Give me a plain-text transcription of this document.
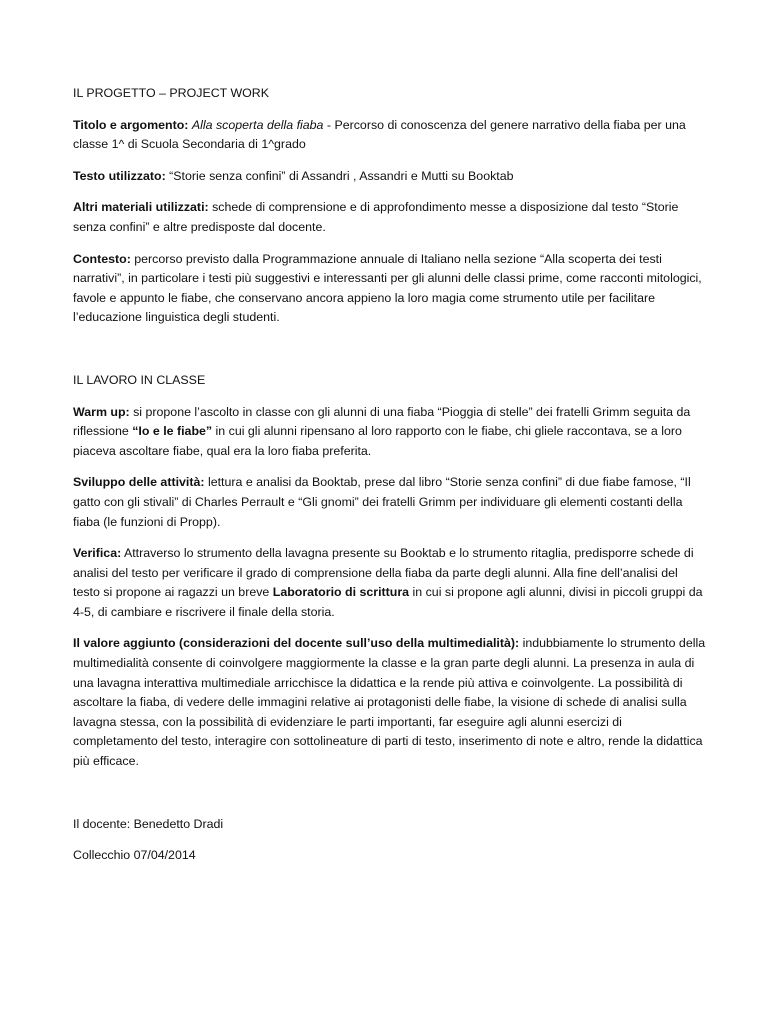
IL PROGETTO – PROJECT WORK

Titolo e argomento: Alla scoperta della fiaba - Percorso di conoscenza del genere narrativo della fiaba per una classe 1^ di Scuola Secondaria di 1^grado

Testo utilizzato: “Storie senza confini” di Assandri , Assandri e Mutti su Booktab

Altri materiali utilizzati: schede di comprensione e di approfondimento messe a disposizione dal testo “Storie senza confini” e altre predisposte dal docente.

Contesto: percorso previsto dalla Programmazione annuale di Italiano nella sezione “Alla scoperta dei testi narrativi”, in particolare i testi più suggestivi e interessanti per gli alunni delle classi prime, come racconti mitologici, favole e appunto le fiabe, che conservano ancora appieno la loro magia come strumento utile per facilitare l’educazione linguistica degli studenti.

IL LAVORO IN CLASSE

Warm up: si propone l’ascolto in classe con gli alunni di una fiaba “Pioggia di stelle” dei fratelli Grimm seguita da riflessione “Io e le fiabe” in cui gli alunni ripensano al loro rapporto con le fiabe, chi gliele raccontava, se a loro piaceva ascoltare fiabe, qual era la loro fiaba preferita.

Sviluppo delle attività: lettura e analisi da Booktab, prese dal libro “Storie senza confini” di due fiabe famose, “Il gatto con gli stivali” di Charles Perrault e “Gli gnomi” dei fratelli Grimm per individuare gli elementi costanti della fiaba (le funzioni di Propp).

Verifica: Attraverso lo strumento della lavagna presente su Booktab e lo strumento ritaglia, predisporre schede di analisi del testo per verificare il grado di comprensione della fiaba da parte degli alunni. Alla fine dell’analisi del testo si propone ai ragazzi un breve Laboratorio di scrittura in cui si propone agli alunni, divisi in piccoli gruppi da 4-5, di cambiare e riscrivere il finale della storia.

Il valore aggiunto (considerazioni del docente sull’uso della multimedialità): indubbiamente lo strumento della multimedialità consente di coinvolgere maggiormente la classe e la gran parte degli alunni. La presenza in aula di una lavagna interattiva multimediale arricchisce la didattica e la rende più attiva e coinvolgente. La possibilità di ascoltare la fiaba, di vedere delle immagini relative ai protagonisti delle fiabe, la visione di schede di analisi sulla lavagna stessa, con la possibilità di evidenziare le parti importanti, far eseguire agli alunni esercizi di completamento del testo, interagire con sottolineature di parti di testo, inserimento di note e altro, rende la didattica più efficace.

Il docente: Benedetto Dradi

Collecchio 07/04/2014
